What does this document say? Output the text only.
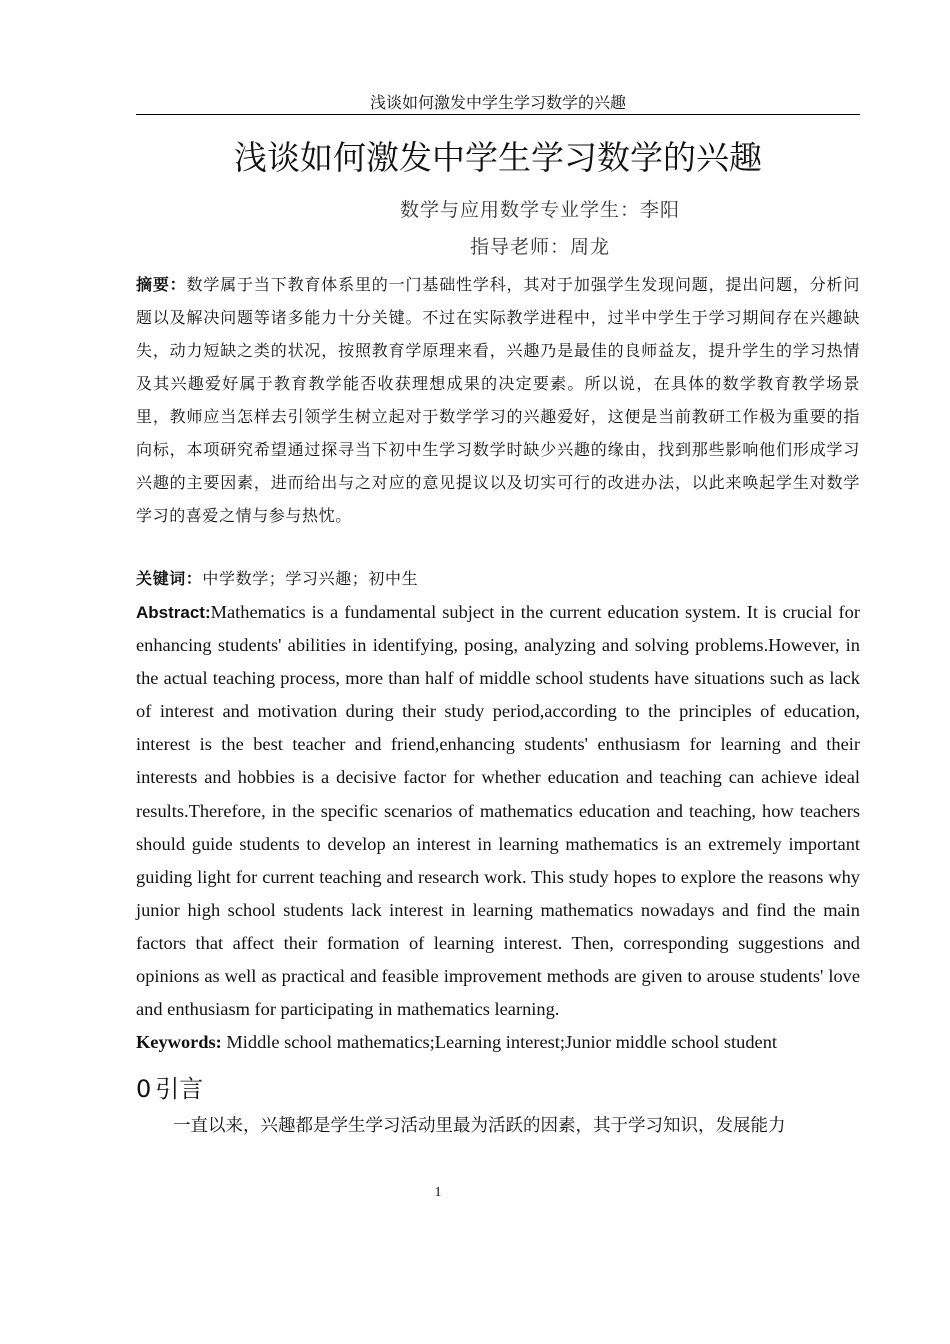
浅谈如何激发中学生学习数学的兴趣
浅谈如何激发中学生学习数学的兴趣
数学与应用数学专业学生：李阳
指导老师：周龙

摘要：数学属于当下教育体系里的一门基础性学科，其对于加强学生发现问题，提出问题，分析问题以及解决问题等诸多能力十分关键。不过在实际教学进程中，过半中学生于学习期间存在兴趣缺失，动力短缺之类的状况，按照教育学原理来看，兴趣乃是最佳的良师益友，提升学生的学习热情及其兴趣爱好属于教育教学能否收获理想成果的决定要素。所以说，在具体的数学教育教学场景里，教师应当怎样去引领学生树立起对于数学学习的兴趣爱好，这便是当前教研工作极为重要的指向标，本项研究希望通过探寻当下初中生学习数学时缺少兴趣的缘由，找到那些影响他们形成学习兴趣的主要因素，进而给出与之对应的意见提议以及切实可行的改进办法，以此来唤起学生对数学学习的喜爱之情与参与热忱。

关键词：中学数学；学习兴趣；初中生

Abstract:Mathematics is a fundamental subject in the current education system. It is crucial for enhancing students' abilities in identifying, posing, analyzing and solving problems.However, in the actual teaching process, more than half of middle school students have situations such as lack of interest and motivation during their study period,according to the principles of education, interest is the best teacher and friend,enhancing students' enthusiasm for learning and their interests and hobbies is a decisive factor for whether education and teaching can achieve ideal results.Therefore, in the specific scenarios of mathematics education and teaching, how teachers should guide students to develop an interest in learning mathematics is an extremely important guiding light for current teaching and research work. This study hopes to explore the reasons why junior high school students lack interest in learning mathematics nowadays and find the main factors that affect their formation of learning interest. Then, corresponding suggestions and opinions as well as practical and feasible improvement methods are given to arouse students' love and enthusiasm for participating in mathematics learning.

Keywords: Middle school mathematics;Learning interest;Junior middle school student

0 引言

一直以来，兴趣都是学生学习活动里最为活跃的因素，其于学习知识，发展能力

1
